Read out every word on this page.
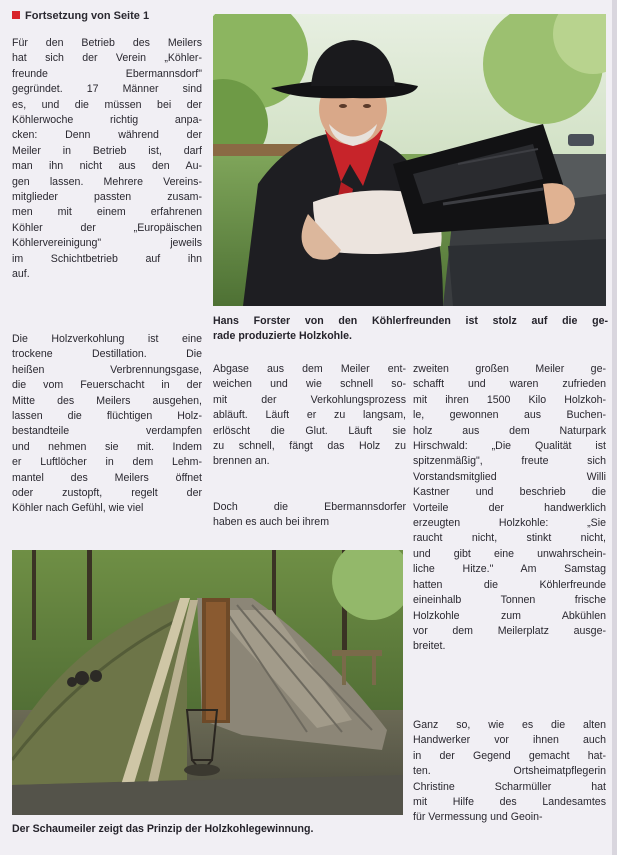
Fortsetzung von Seite 1
Für den Betrieb des Meilers
hat sich der Verein „Köhler-
freunde Ebermannsdorf"
gegründet. 17 Männer sind
es, und die müssen bei der
Köhlerwoche richtig anpa-
cken: Denn während der
Meiler in Betrieb ist, darf
man ihn nicht aus den Au-
gen lassen. Mehrere Vereins-
mitglieder passten zusam-
men mit einem erfahrenen
Köhler der „Europäischen
Köhlervereinigung" jeweils
im Schichtbetrieb auf ihn
auf.
Die Holzverkohlung ist eine
trockene Destillation. Die
heißen Verbrennungsgase,
die vom Feuerschacht in der
Mitte des Meilers ausgehen,
lassen die flüchtigen Holz-
bestandteile verdampfen
und nehmen sie mit. Indem
er Luftlöcher in dem Lehm-
mantel des Meilers öffnet
oder zustopft, regelt der
Köhler nach Gefühl, wie viel
Hans Forster von den Köhlerfreunden ist stolz auf die ge-
rade produzierte Holzkohle.
Abgase aus dem Meiler ent-
weichen und wie schnell so-
mit der Verkohlungsprozess
abläuft. Läuft er zu langsam,
erlöscht die Glut. Läuft sie
zu schnell, fängt das Holz zu
brennen an.
Doch die Ebermannsdorfer
haben es auch bei ihrem
zweiten großen Meiler ge-
schafft und waren zufrieden
mit ihren 1500 Kilo Holzkoh-
le, gewonnen aus Buchen-
holz aus dem Naturpark
Hirschwald: „Die Qualität ist
spitzenmäßig", freute sich
Vorstandsmitglied Willi
Kastner und beschrieb die
Vorteile der handwerklich
erzeugten Holzkohle: „Sie
raucht nicht, stinkt nicht,
und gibt eine unwahrschein-
liche Hitze." Am Samstag
hatten die Köhlerfreunde
eineinhalb Tonnen frische
Holzkohle zum Abkühlen
vor dem Meilerplatz ausge-
breitet.
Ganz so, wie es die alten
Handwerker vor ihnen auch
in der Gegend gemacht hat-
ten. Ortsheimatpflegerin
Christine Scharmüller hat
mit Hilfe des Landesamtes
für Vermessung und Geoin-
Der Schaumeiler zeigt das Prinzip der Holzkohlegewinnung.
